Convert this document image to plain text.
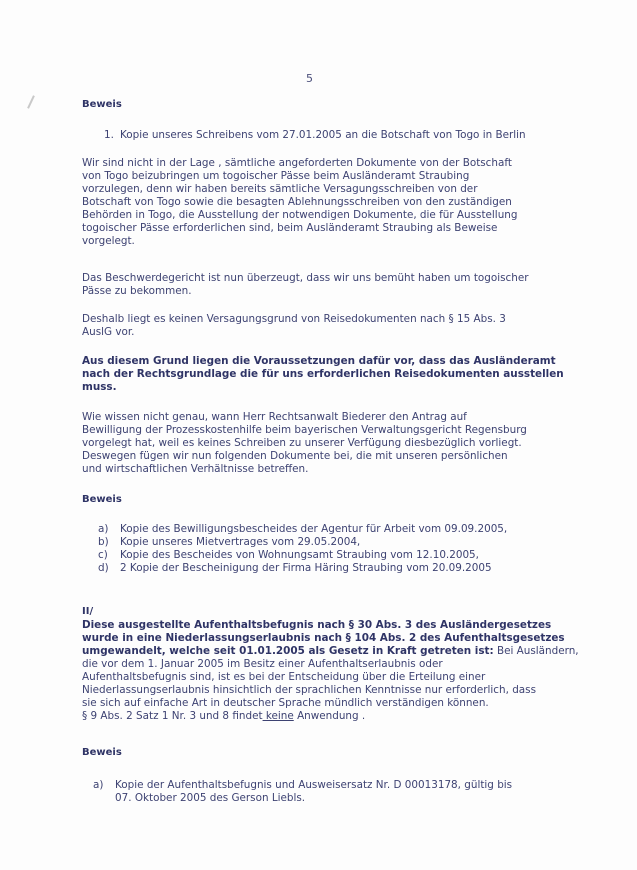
5
Beweis
1. Kopie unseres Schreibens vom 27.01.2005 an die Botschaft von Togo in Berlin
Wir sind nicht in der Lage , sämtliche angeforderten Dokumente von der Botschaft
von Togo beizubringen um togoischer Pässe beim Ausländeramt Straubing
vorzulegen, denn wir haben bereits sämtliche Versagungsschreiben von der
Botschaft von Togo sowie die besagten Ablehnungsschreiben von den zuständigen
Behörden in Togo, die Ausstellung der notwendigen Dokumente, die für Ausstellung
togoischer Pässe erforderlichen sind, beim Ausländeramt Straubing als Beweise
vorgelegt.
Das Beschwerdegericht ist nun überzeugt, dass wir uns bemüht haben um togoischer
Pässe zu bekommen.
Deshalb liegt es keinen Versagungsgrund von Reisedokumenten nach § 15 Abs. 3
AuslG vor.
Aus diesem Grund liegen die Voraussetzungen dafür vor, dass das Ausländeramt
nach der Rechtsgrundlage die für uns erforderlichen Reisedokumenten ausstellen
muss.
Wie wissen nicht genau, wann Herr Rechtsanwalt Biederer den Antrag auf
Bewilligung der Prozesskostenhilfe beim bayerischen Verwaltungsgericht Regensburg
vorgelegt hat, weil es keines Schreiben zu unserer Verfügung diesbezüglich vorliegt.
Deswegen fügen wir nun folgenden Dokumente bei, die mit unseren persönlichen
und wirtschaftlichen Verhältnisse betreffen.
Beweis
a)	Kopie des Bewilligungsbescheides der Agentur für Arbeit vom 09.09.2005,
b)	Kopie unseres Mietvertrages vom 29.05.2004,
c)	Kopie des Bescheides von Wohnungsamt Straubing vom 12.10.2005,
d)	2 Kopie der Bescheinigung der Firma Häring Straubing vom 20.09.2005
II/
Diese ausgestellte Aufenthaltsbefugnis nach § 30 Abs. 3 des Ausländergesetzes
wurde in eine Niederlassungserlaubnis nach § 104 Abs. 2 des Aufenthaltsgesetzes
umgewandelt, welche seit 01.01.2005 als Gesetz in Kraft getreten ist: Bei Ausländern,
die vor dem 1. Januar 2005 im Besitz einer Aufenthaltserlaubnis oder
Aufenthaltsbefugnis sind, ist es bei der Entscheidung über die Erteilung einer
Niederlassungserlaubnis hinsichtlich der sprachlichen Kenntnisse nur erforderlich, dass
sie sich auf einfache Art in deutscher Sprache mündlich verständigen können.
§ 9 Abs. 2 Satz 1 Nr. 3 und 8 findet keine Anwendung .
Beweis
a)	Kopie der Aufenthaltsbefugnis und Ausweisersatz Nr. D 00013178, gültig bis
07. Oktober 2005 des Gerson Liebls.
